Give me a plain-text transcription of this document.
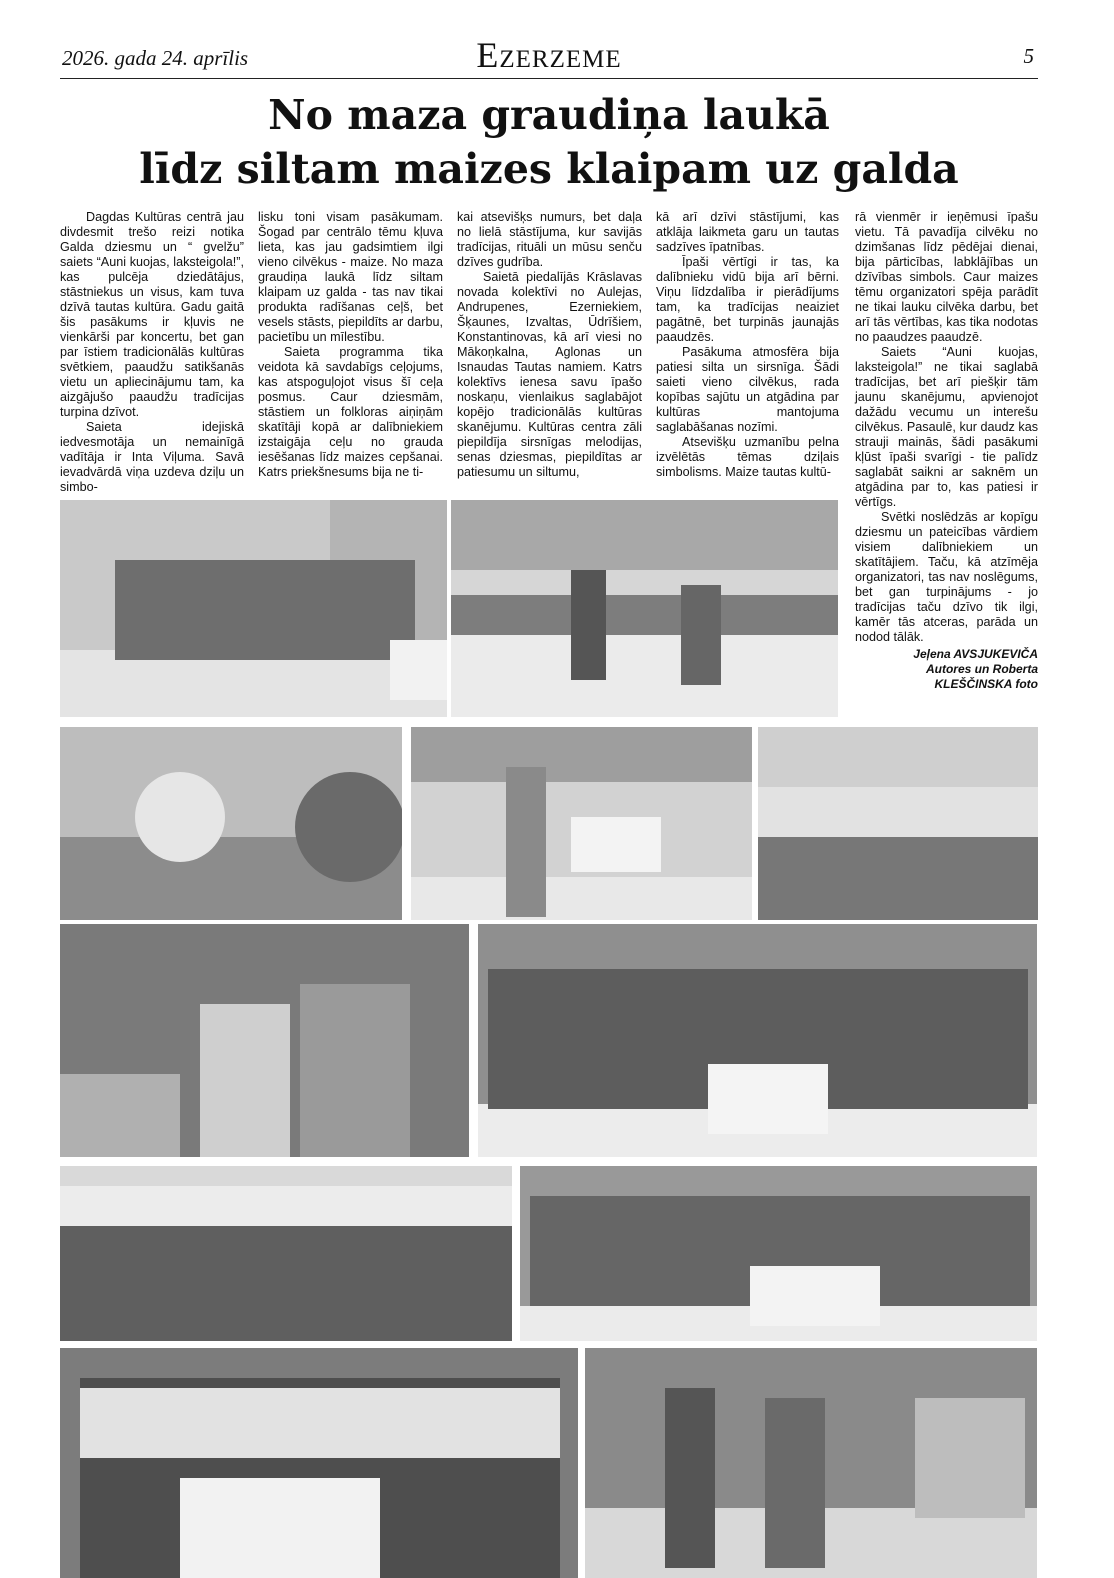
2026. gada 24. aprīlis	Ezerzeme	5
No maza graudiņa laukā
līdz siltam maizes klaipam uz galda

Dagdas Kultūras centrā jau divdesmit trešo reizi notika Galda dziesmu un “ gvelžu” saiets “Auni kuojas, laksteigola!”, kas pulcēja dziedātājus, stāstniekus un visus, kam tuva dzīvā tautas kultūra. Gadu gaitā šis pasākums ir kļuvis ne vienkārši par koncertu, bet gan par īstiem tradicionālās kultūras svētkiem, paaudžu satikšanās vietu un apliecinājumu tam, ka aizgājušo paaudžu tradīcijas turpina dzīvot.

Saieta idejiskā iedvesmotāja un nemainīgā vadītāja ir Inta Viļuma. Savā ievadvārdā viņa uzdeva dziļu un simbo-

lisku toni visam pasākumam. Šogad par centrālo tēmu kļuva lieta, kas jau gadsimtiem ilgi vieno cilvēkus - maize. No maza graudiņa laukā līdz siltam klaipam uz galda - tas nav tikai produkta radīšanas ceļš, bet vesels stāsts, piepildīts ar darbu, pacietību un mīlestību.

Saieta programma tika veidota kā savdabīgs ceļojums, kas atspoguļojot visus šī ceļa posmus. Caur dziesmām, stāstiem un folkloras aiņiņām skatītāji kopā ar dalībniekiem izstaigāja ceļu no grauda iesēšanas līdz maizes cepšanai. Katrs priekšnesums bija ne ti-

kai atsevišķs numurs, bet daļa no lielā stāstījuma, kur savijās tradīcijas, rituāli un mūsu senču dzīves gudrība.

Saietā piedalījās Krāslavas novada kolektīvi no Aulejas, Andrupenes, Ezerniekiem, Šķaunes, Izvaltas, Ūdrīšiem, Konstantinovas, kā arī viesi no Mākoņkalna, Aglonas un Isnaudas Tautas namiem. Katrs kolektīvs ienesa savu īpašo noskaņu, vienlaikus saglabājot kopējo tradicionālās kultūras skanējumu. Kultūras centra zāli piepildīja sirsnīgas melodijas, senas dziesmas, piepildītas ar patiesumu un siltumu,

kā arī dzīvi stāstījumi, kas atklāja laikmeta garu un tautas sadzīves īpatnības.

Īpaši vērtīgi ir tas, ka dalībnieku vidū bija arī bērni. Viņu līdzdalība ir pierādījums tam, ka tradīcijas neaiziet pagātnē, bet turpinās jaunajās paaudzēs.

Pasākuma atmosfēra bija patiesi silta un sirsnīga. Šādi saieti vieno cilvēkus, rada kopības sajūtu un atgādina par kultūras mantojuma saglabāšanas nozīmi.

Atsevišķu uzmanību pelna izvēlētās tēmas dziļais simbolisms. Maize tautas kultū-

rā vienmēr ir ieņēmusi īpašu vietu. Tā pavadīja cilvēku no dzimšanas līdz pēdējai dienai, bija pārticības, labklājības un dzīvības simbols. Caur maizes tēmu organizatori spēja parādīt ne tikai lauku cilvēka darbu, bet arī tās vērtības, kas tika nodotas no paaudzes paaudzē.

Saiets “Auni kuojas, laksteigola!” ne tikai saglabā tradīcijas, bet arī piešķir tām jaunu skanējumu, apvienojot dažādu vecumu un interešu cilvēkus. Pasaulē, kur daudz kas strauji mainās, šādi pasākumi kļūst īpaši svarīgi - tie palīdz saglabāt saikni ar saknēm un atgādina par to, kas patiesi ir vērtīgs.

Svētki noslēdzās ar kopīgu dziesmu un pateicības vārdiem visiem dalībniekiem un skatītājiem. Taču, kā atzīmēja organizatori, tas nav noslēgums, bet gan turpinājums - jo tradīcijas taču dzīvo tik ilgi, kamēr tās atceras, parāda un nodod tālāk.

Jeļena AVSJUKEVIČA
Autores un Roberta
KLEŠČINSKA foto
